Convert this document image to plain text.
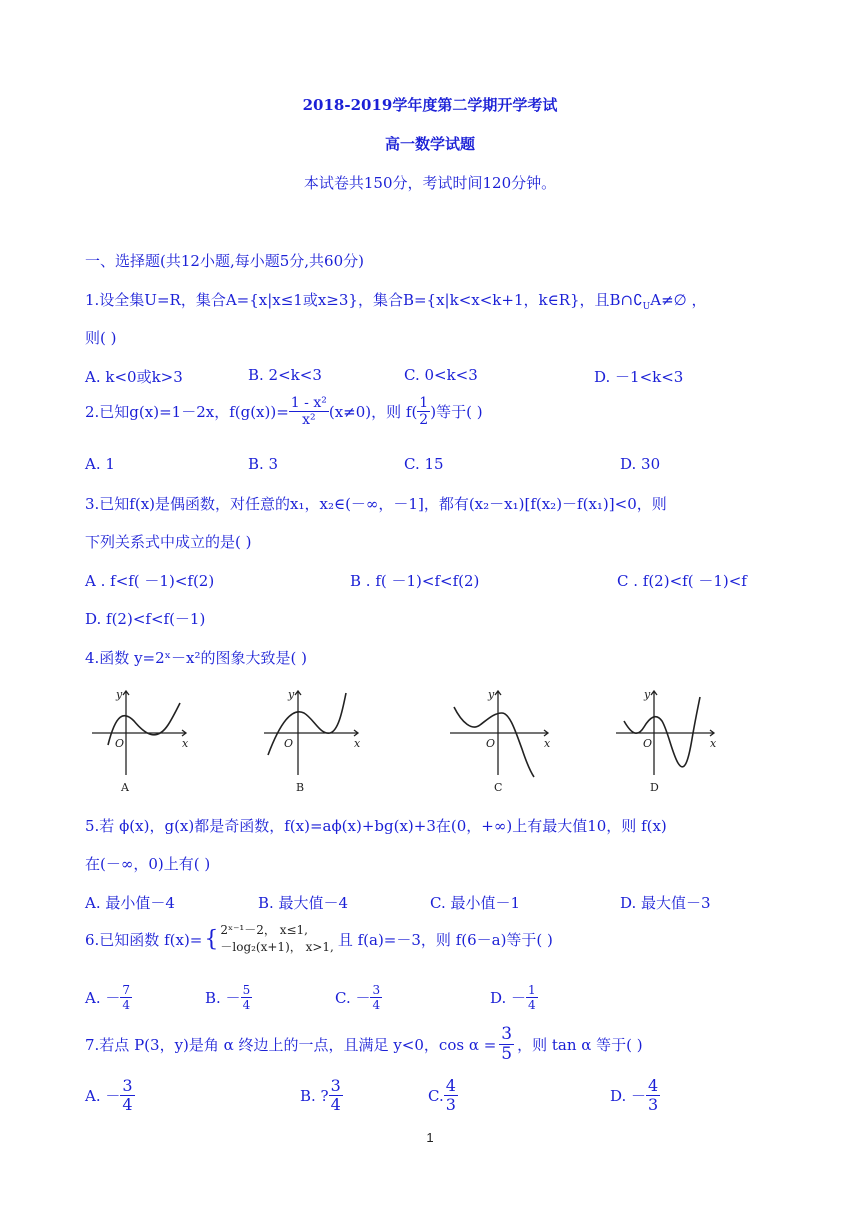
2018-2019学年度第二学期开学考试
高一数学试题
本试卷共150分，考试时间120分钟。
一、选择题(共12小题,每小题5分,共60分)
1.设全集U=R，集合A={x|x≤1或x≥3}，集合B={x|k<x<k+1，k∈R}，且$B\cap∁_UA\ne\emptyset$ ，
则( )
A. k<0或k>3	B. 2<k<3	C. 0<k<3	D. －1<k<3
2.已知g(x)=1－2x，$f(g(x))= \frac{\text{1 - x²}}{\text{x²}} (x\ne 0)$，则 $f( \frac{1}{2}$ )等于( )
A. 1	B. 3	C. 15	D. 30
3.已知f(x)是偶函数，对任意的x₁，x₂∈(－∞，－1]，都有(x₂－x₁)[f(x₂)－f(x₁)]<0，则
下列关系式中成立的是( )
A . f<f( －1)<f(2)	B . f( －1)<f<f(2)	C . f(2)<f( －1)<f
D. f(2)<f<f(－1)
4.函数 y=2ˣ－x²的图象大致是( )
y
x
O
A
y
x
O
B
y
x
O
C
y
x
O
D
5.若 ϕ(x)，g(x)都是奇函数，f(x)=aϕ(x)+bg(x)+3在(0，+∞)上有最大值10，则 f(x)
在(－∞，0)上有( )
A. 最小值－4	B. 最大值－4	C. 最小值－1	D. 最大值－3
6.已知函数 f(x)= { 2ˣ⁻¹－2， x≤1,
－log₂(x+1)， x>1, 且 f(a)=－3，则 f(6－a)等于( )
A. － $\frac{7}{4}$	B. － $\frac{5}{4}$	C. － $\frac{3}{4}$	D. － $\frac{1}{4}$
7.若点 P(3，y)是角 α 终边上的一点，且满足 y<0，$\cos \alpha = \frac{3}{5}$ ，则 tan α 等于( )
A. － $\frac{3}{4}$	B. ? $\frac{3}{4}$	C. $\frac{4}{3}$	D. － $\frac{4}{3}$
1
